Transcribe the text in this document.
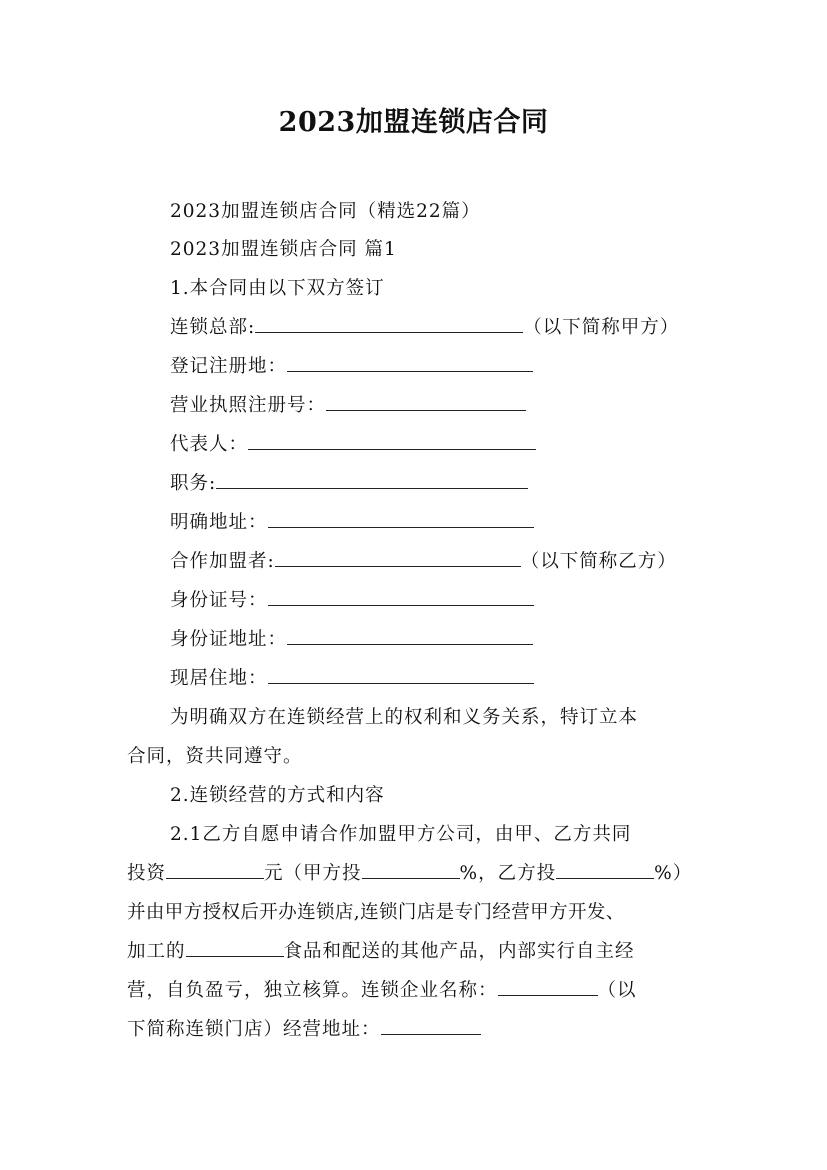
2023加盟连锁店合同
2023加盟连锁店合同（精选22篇）
2023加盟连锁店合同 篇1
1.本合同由以下双方签订
连锁总部:	（以下简称甲方）
登记注册地：
营业执照注册号：
代表人：
职务:
明确地址：
合作加盟者:	（以下简称乙方）
身份证号：
身份证地址：
现居住地：
为明确双方在连锁经营上的权利和义务关系，特订立本
合同，资共同遵守。
2.连锁经营的方式和内容
2.1乙方自愿申请合作加盟甲方公司，由甲、乙方共同
投资	元（甲方投	%，乙方投	%）
并由甲方授权后开办连锁店,连锁门店是专门经营甲方开发、
加工的	食品和配送的其他产品，内部实行自主经
营，自负盈亏，独立核算。连锁企业名称：	（以
下简称连锁门店）经营地址：
